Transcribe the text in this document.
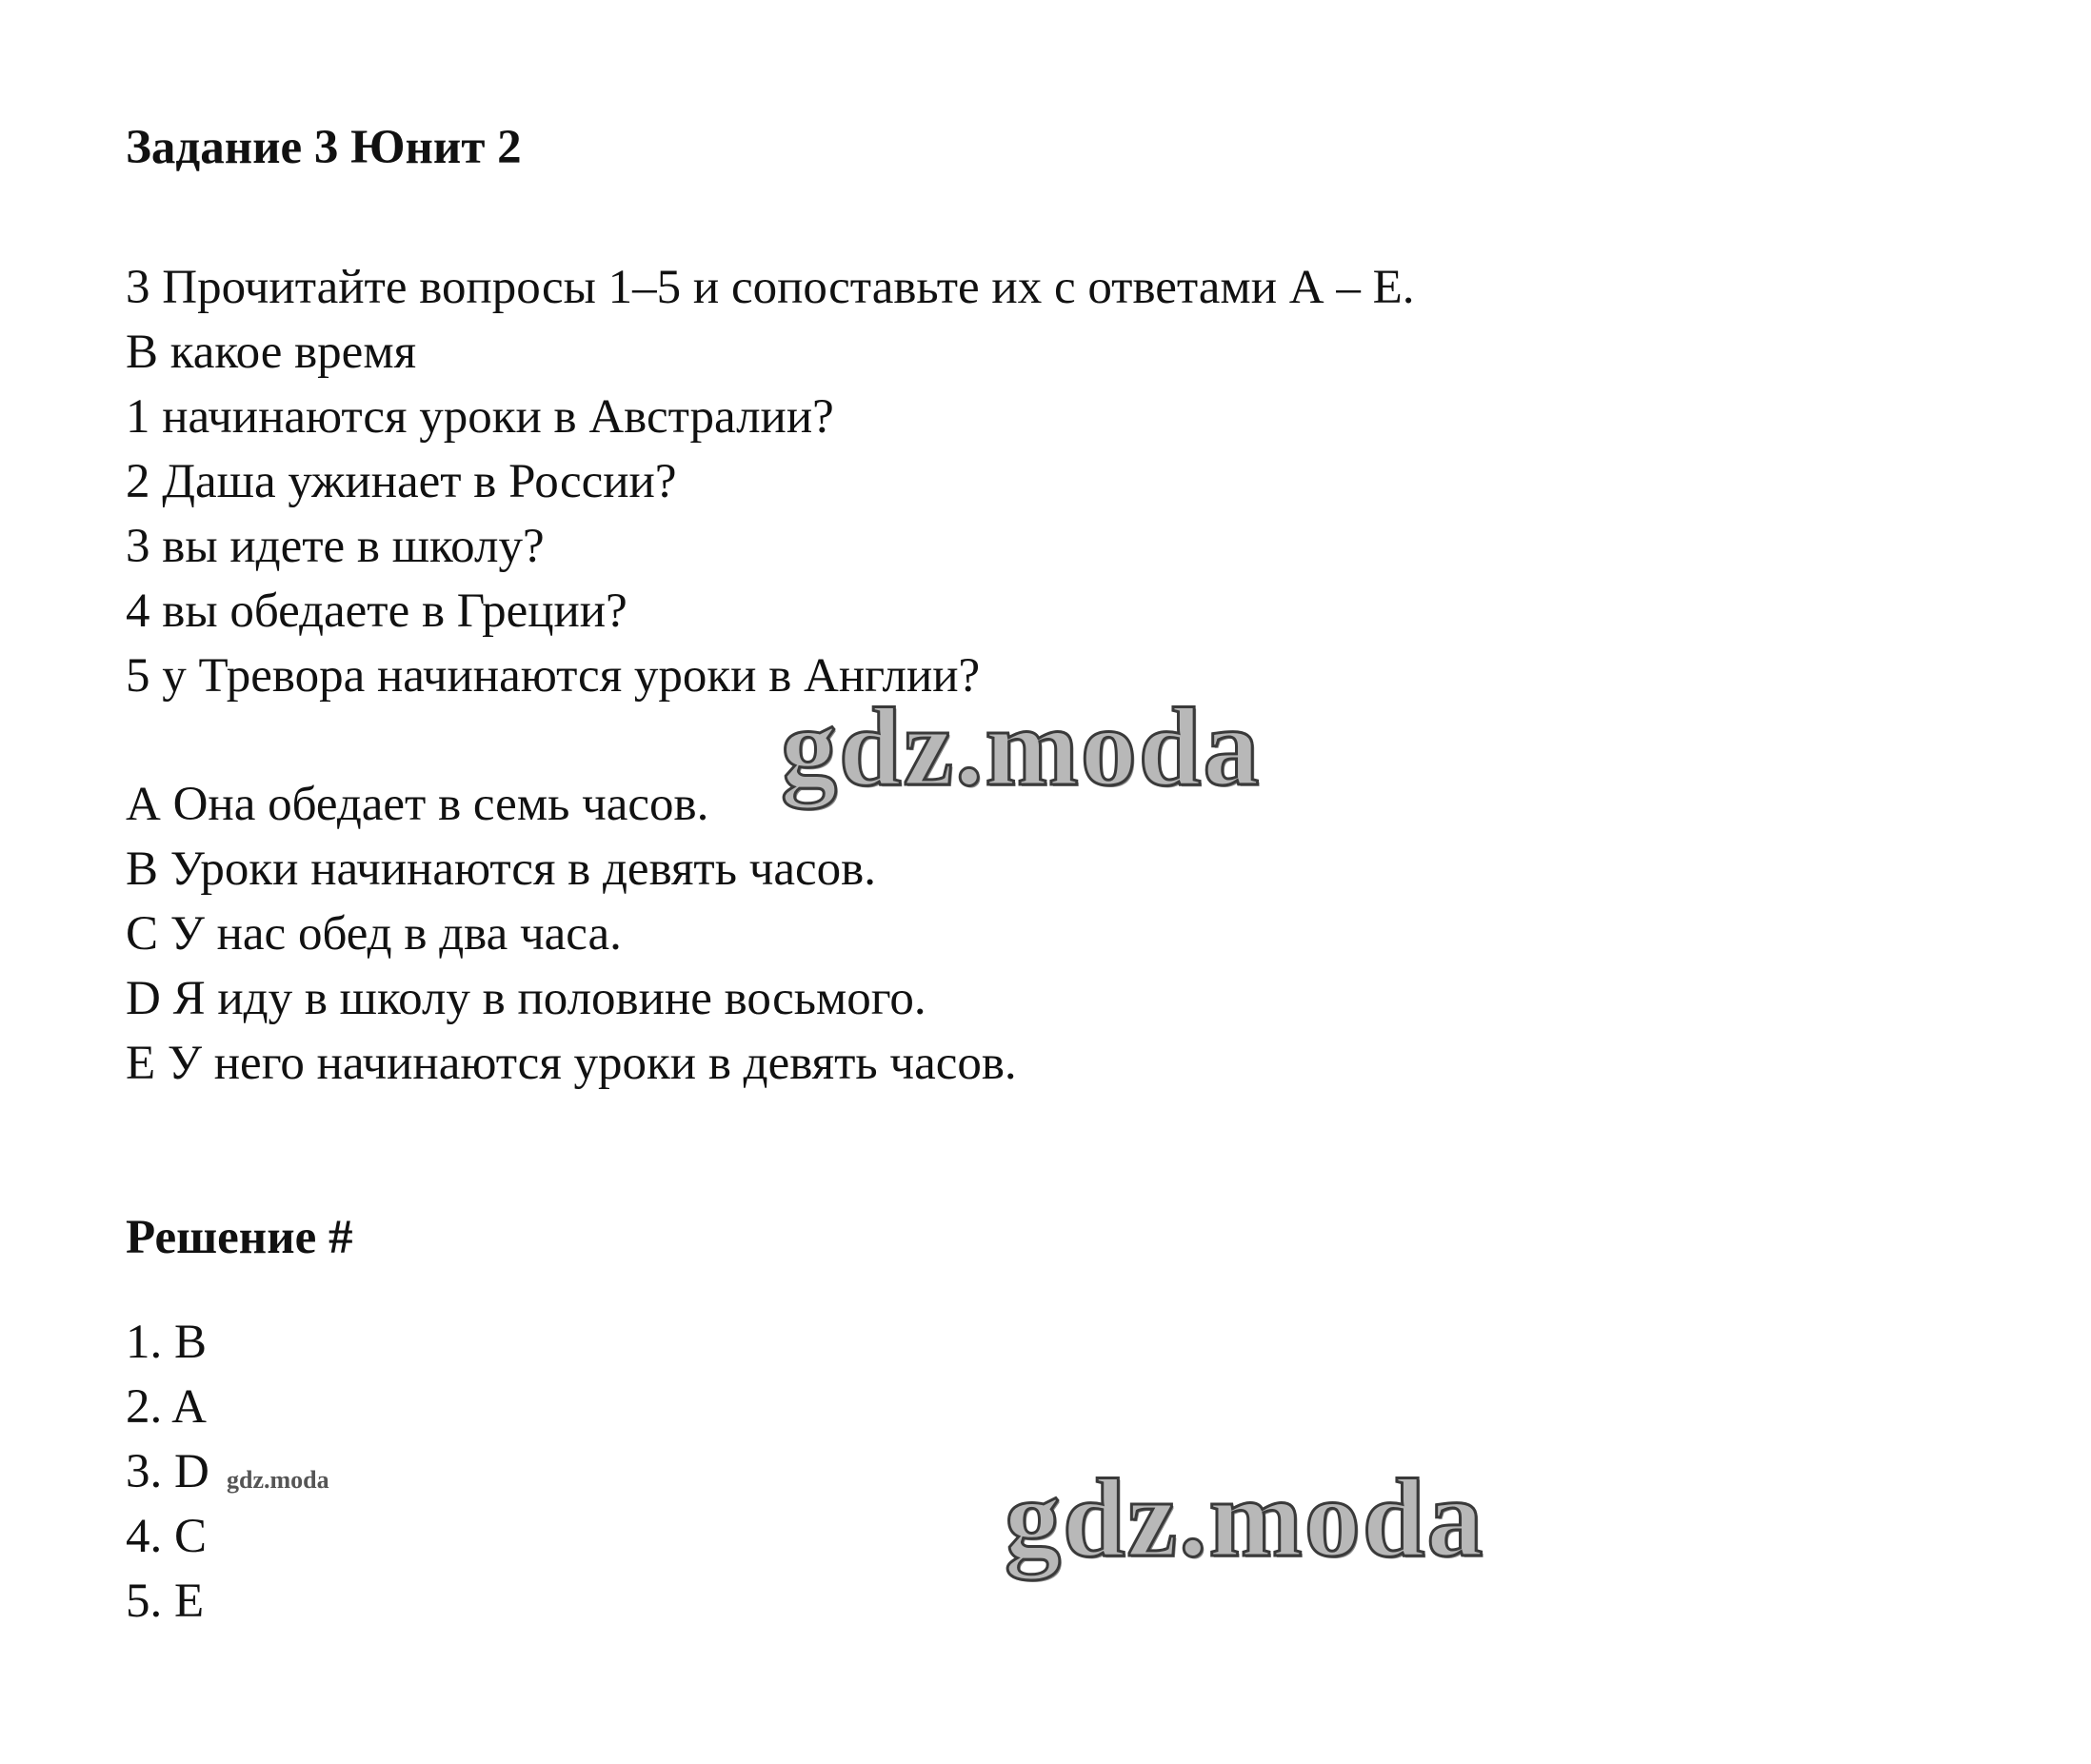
Задание 3 Юнит 2
3 Прочитайте вопросы 1–5 и сопоставьте их с ответами А – Е.
В какое время
1 начинаются уроки в Австралии?
2 Даша ужинает в России?
3 вы идете в школу?
4 вы обедаете в Греции?
5 у Тревора начинаются уроки в Англии?
А Она обедает в семь часов.
В Уроки начинаются в девять часов.
С У нас обед в два часа.
D Я иду в школу в половине восьмого.
Е У него начинаются уроки в девять часов.
Решение #
1. B
2. A
3. D
4. C
5. E
gdz.moda
gdz.moda
gdz.moda
